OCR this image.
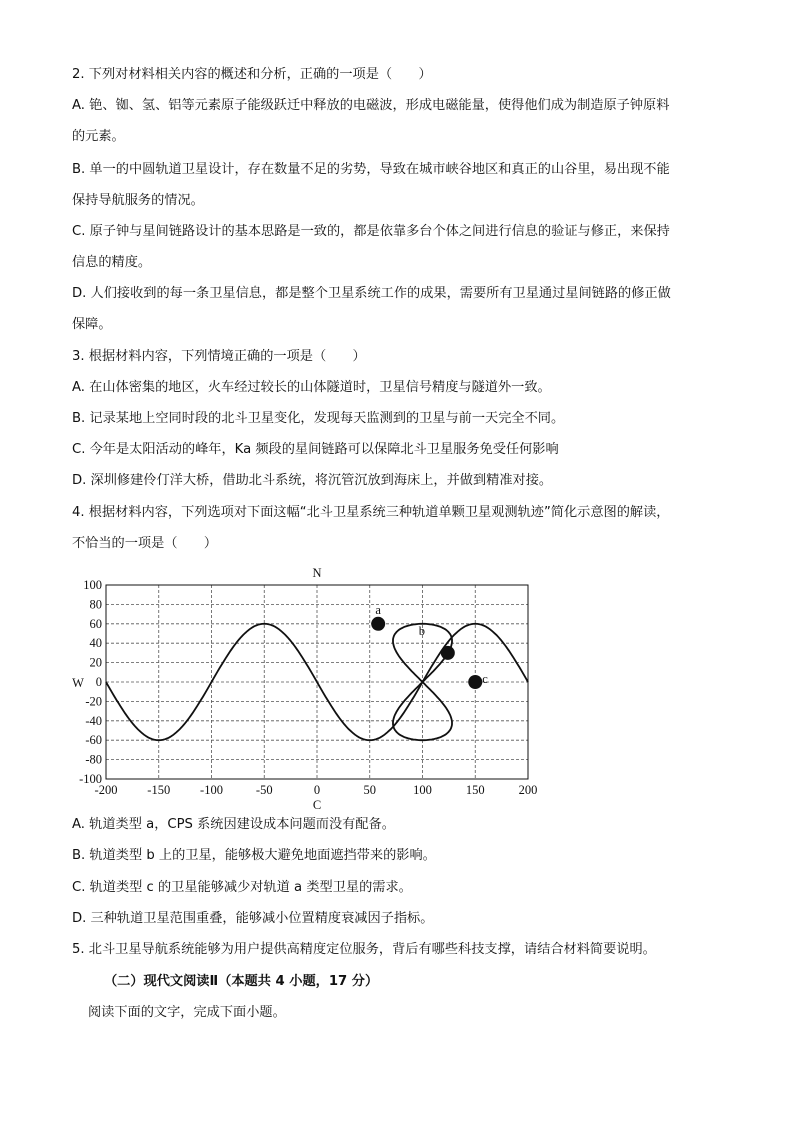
2. 下列对材料相关内容的概述和分析，正确的一项是（　　）
A. 铯、铷、氢、铝等元素原子能级跃迁中释放的电磁波，形成电磁能量，使得他们成为制造原子钟原料
的元素。
B. 单一的中圆轨道卫星设计，存在数量不足的劣势，导致在城市峡谷地区和真正的山谷里，易出现不能
保持导航服务的情况。
C. 原子钟与星间链路设计的基本思路是一致的，都是依靠多台个体之间进行信息的验证与修正，来保持
信息的精度。
D. 人们接收到的每一条卫星信息，都是整个卫星系统工作的成果，需要所有卫星通过星间链路的修正做
保障。
3. 根据材料内容，下列情境正确的一项是（　　）
A. 在山体密集的地区，火车经过较长的山体隧道时，卫星信号精度与隧道外一致。
B. 记录某地上空同时段的北斗卫星变化，发现每天监测到的卫星与前一天完全不同。
C. 今年是太阳活动的峰年，Ka 频段的星间链路可以保障北斗卫星服务免受任何影响
D. 深圳修建伶仃洋大桥，借助北斗系统，将沉管沉放到海床上，并做到精准对接。
4. 根据材料内容，下列选项对下面这幅“北斗卫星系统三种轨道单颗卫星观测轨迹”简化示意图的解读，
不恰当的一项是（　　）
A. 轨道类型 a，CPS 系统因建设成本问题而没有配备。
B. 轨道类型 b 上的卫星，能够极大避免地面遮挡带来的影响。
C. 轨道类型 c 的卫星能够减少对轨道 a 类型卫星的需求。
D. 三种轨道卫星范围重叠，能够减小位置精度衰减因子指标。
5. 北斗卫星导航系统能够为用户提供高精度定位服务，背后有哪些科技支撑，请结合材料简要说明。
（二）现代文阅读Ⅱ（本题共 4 小题，17 分）
阅读下面的文字，完成下面小题。
-200 -150 -100	-50	0	50	100	150	200
100
80
60
40
20
0
-20
-40
-60
-80
-100
N
W
C
a
b
c
